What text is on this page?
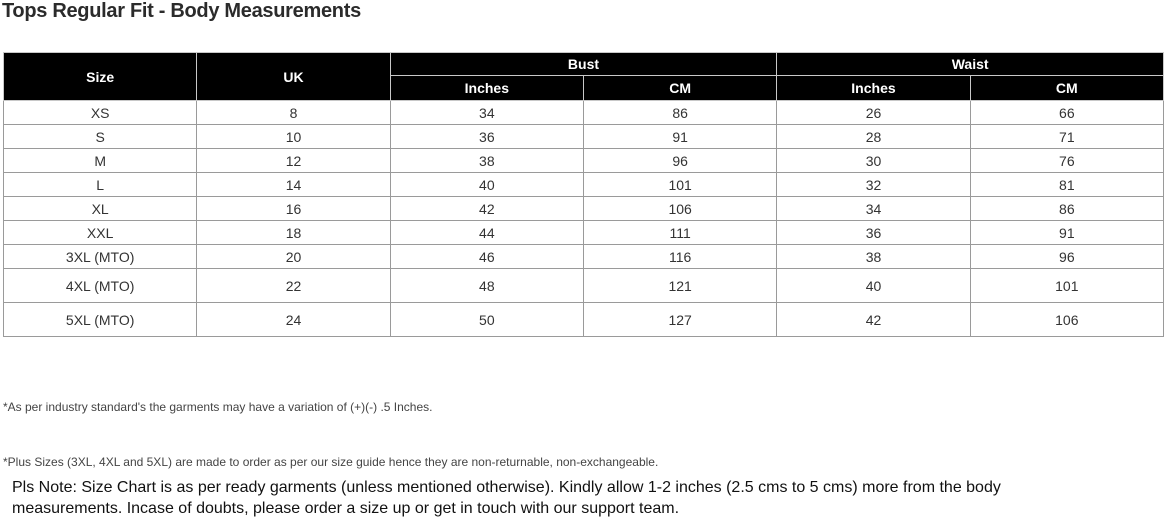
Tops Regular Fit - Body Measurements
Size	UK	Bust		Waist	
		Inches	CM	Inches	CM
XS	8	34	86	26	66
S	10	36	91	28	71
M	12	38	96	30	76
L	14	40	101	32	81
XL	16	42	106	34	86
XXL	18	44	111	36	91
3XL (MTO)	20	46	116	38	96
4XL (MTO)	22	48	121	40	101
5XL (MTO)	24	50	127	42	106
*As per industry standard's the garments may have a variation of (+)(-) .5 Inches.
*Plus Sizes (3XL, 4XL and 5XL) are made to order as per our size guide hence they are non-returnable, non-exchangeable.
Pls Note: Size Chart is as per ready garments (unless mentioned otherwise). Kindly allow 1-2 inches (2.5 cms to 5 cms) more from the body measurements. Incase of doubts, please order a size up or get in touch with our support team.
